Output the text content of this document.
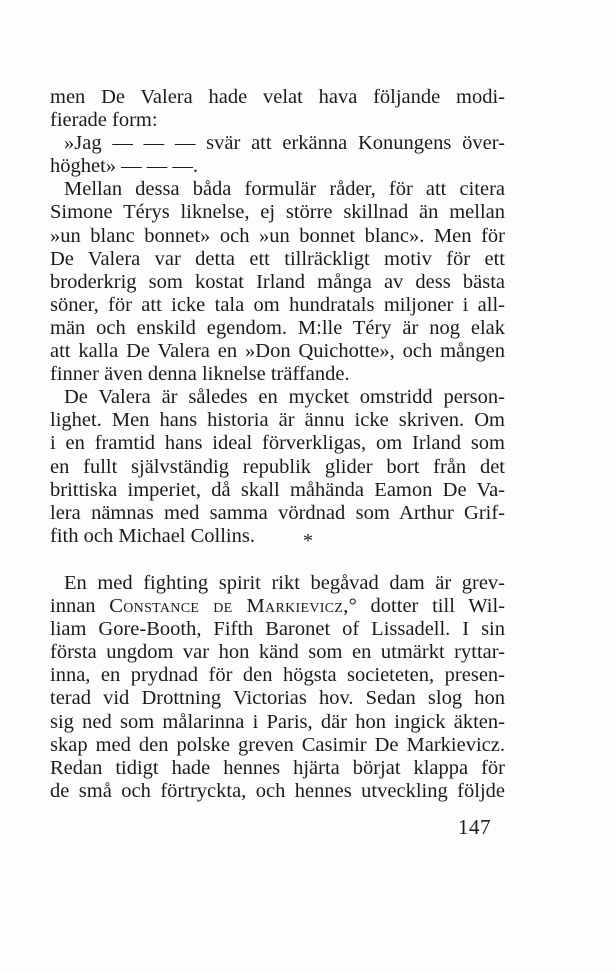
men De Valera hade velat hava följande modi-
fierade form:
»Jag — — — svär att erkänna Konungens över-
höghet» — — —.
Mellan dessa båda formulär råder, för att citera
Simone Térys liknelse, ej större skillnad än mellan
»un blanc bonnet» och »un bonnet blanc». Men för
De Valera var detta ett tillräckligt motiv för ett
broderkrig som kostat Irland många av dess bästa
söner, för att icke tala om hundratals miljoner i all-
män och enskild egendom. M:lle Téry är nog elak
att kalla De Valera en »Don Quichotte», och mången
finner även denna liknelse träffande.
De Valera är således en mycket omstridd person-
lighet. Men hans historia är ännu icke skriven. Om
i en framtid hans ideal förverkligas, om Irland som
en fullt självständig republik glider bort från det
brittiska imperiet, då skall måhända Eamon De Va-
lera nämnas med samma vördnad som Arthur Grif-
fith och Michael Collins.	*
En med fighting spirit rikt begåvad dam är grev-
innan Constance de Markievicz,° dotter till Wil-
liam Gore-Booth, Fifth Baronet of Lissadell. I sin
första ungdom var hon känd som en utmärkt ryttar-
inna, en prydnad för den högsta societeten, presen-
terad vid Drottning Victorias hov. Sedan slog hon
sig ned som målarinna i Paris, där hon ingick äkten-
skap med den polske greven Casimir De Markievicz.
Redan tidigt hade hennes hjärta börjat klappa för
de små och förtryckta, och hennes utveckling följde
147
